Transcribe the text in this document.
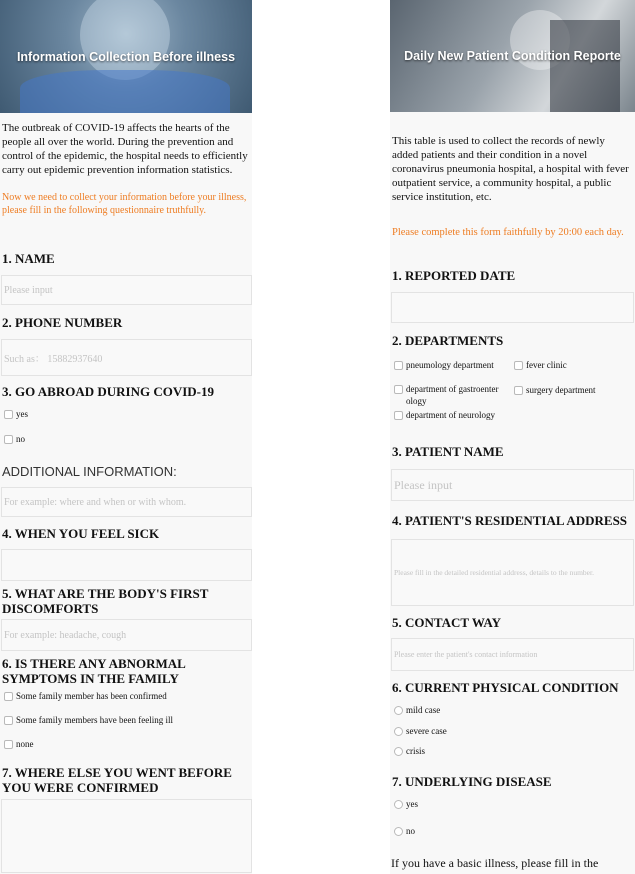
Information Collection Before illness

The outbreak of COVID-19 affects the hearts of the people all over the world. During the prevention and control of the epidemic, the hospital needs to efficiently carry out epidemic prevention information statistics.

Now we need to collect your information before your illness, please fill in the following questionnaire truthfully.

1. NAME
Please input
2. PHONE NUMBER
Such as： 15882937640
3. GO ABROAD DURING COVID-19
yes
no
ADDITIONAL INFORMATION:
For example: where and when or with whom.
4. WHEN YOU FEEL SICK
5. WHAT ARE THE BODY'S FIRST DISCOMFORTS
For example: headache, cough
6. IS THERE ANY ABNORMAL SYMPTOMS IN THE FAMILY
Some family member has been confirmed
Some family members have been feeling ill
none
7. WHERE ELSE YOU WENT BEFORE YOU WERE CONFIRMED
Daily New Patient Condition Reporte

This table is used to collect the records of newly added patients and their condition in a novel coronavirus pneumonia hospital, a hospital with fever outpatient service, a community hospital, a public service institution, etc.

Please complete this form faithfully by 20:00 each day.

1. REPORTED DATE
2. DEPARTMENTS
pneumology department	fever clinic
department of gastroenter ology
surgery department
department of neurology
3. PATIENT NAME
Please input
4. PATIENT'S RESIDENTIAL ADDRESS
Please fill in the detailed residential address, details to the number.
5. CONTACT WAY
Please enter the patient's contact information
6. CURRENT PHYSICAL CONDITION
mild case
severe case
crisis
7. UNDERLYING DISEASE
yes
no
If you have a basic illness, please fill in the
